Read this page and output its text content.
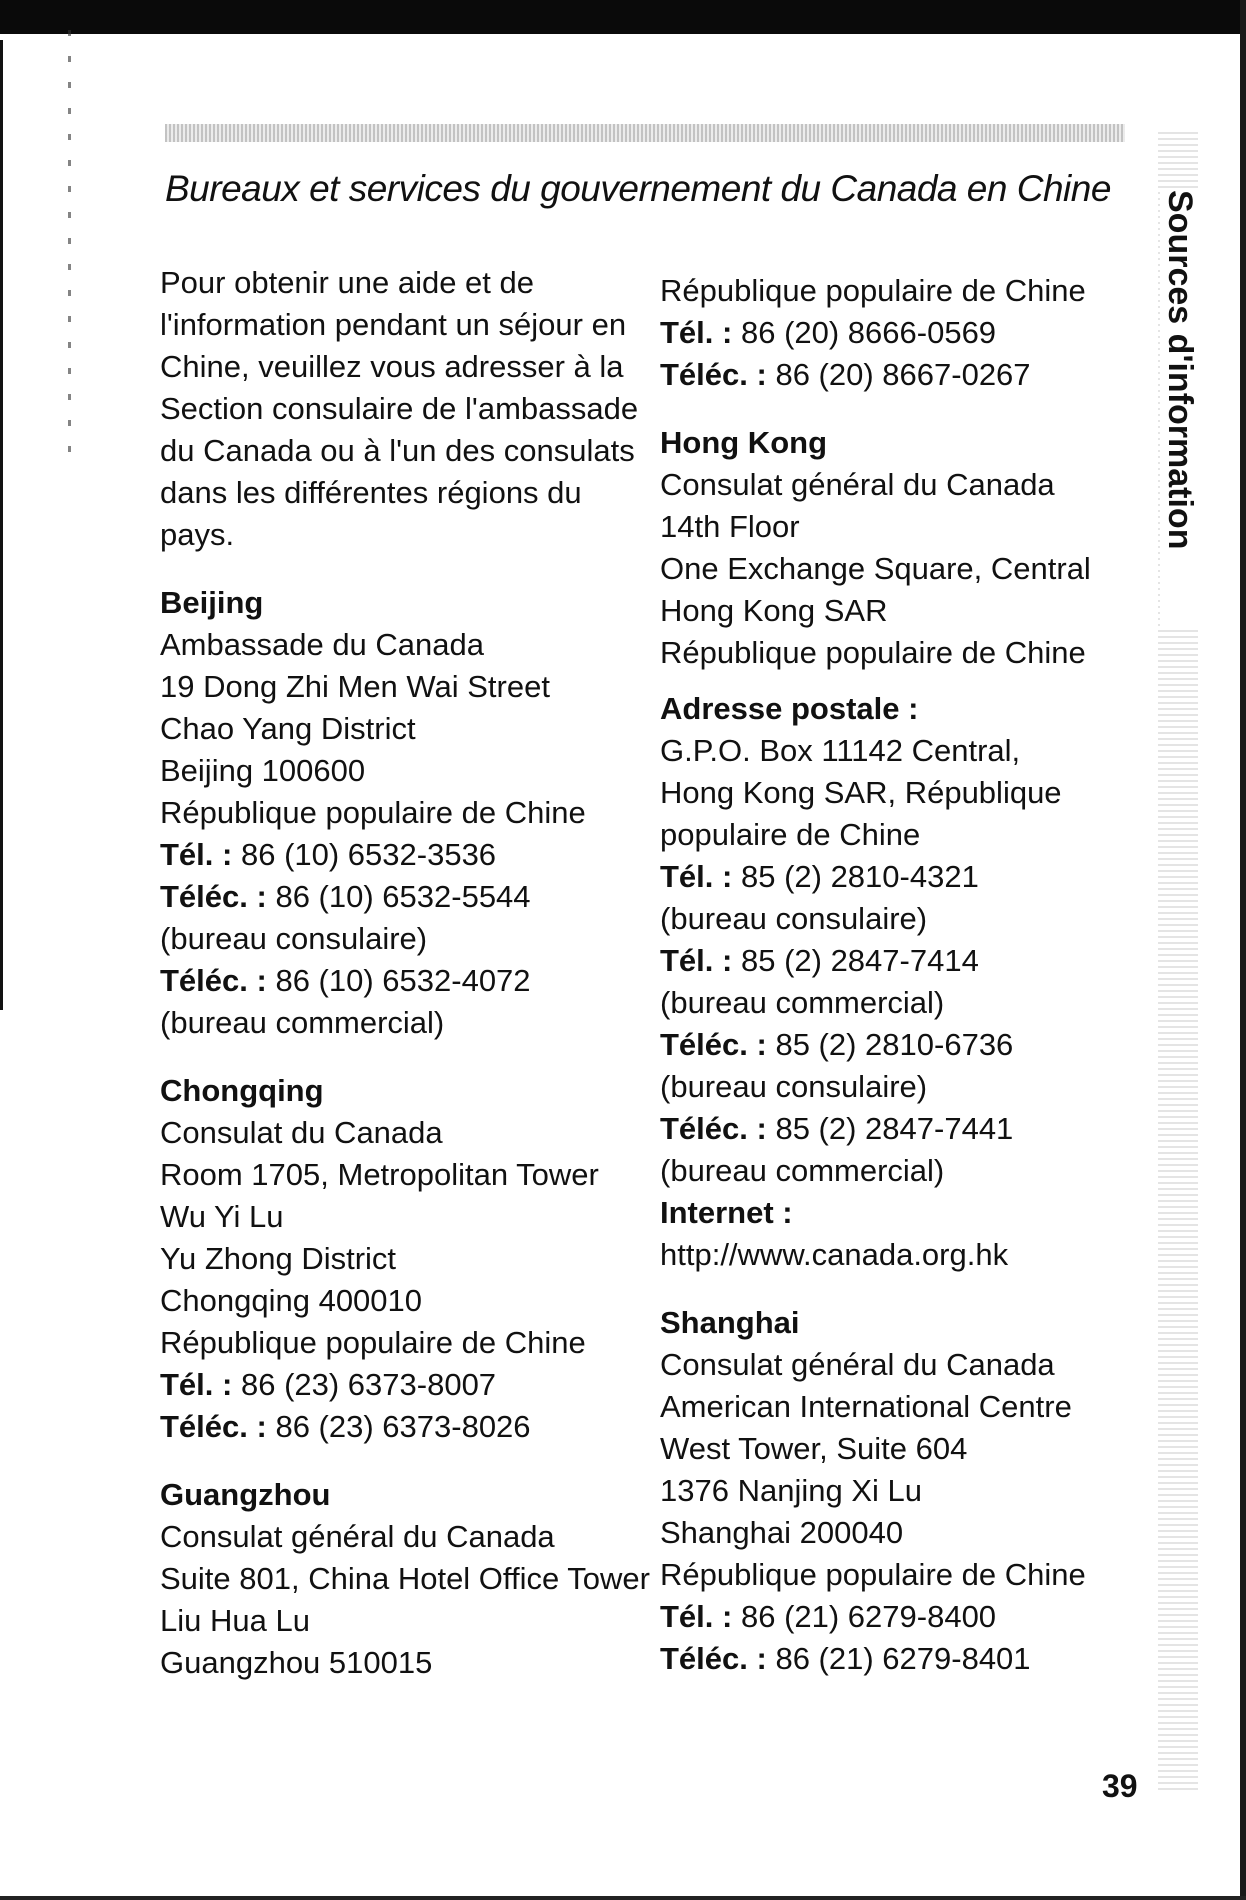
Bureaux et services du gouvernement du Canada en Chine
Sources d'information

Pour obtenir une aide et de l'information pendant un séjour en Chine, veuillez vous adresser à la Section consulaire de l'ambassade du Canada ou à l'un des consulats dans les différentes régions du pays.

Beijing
Ambassade du Canada
19 Dong Zhi Men Wai Street
Chao Yang District
Beijing 100600
République populaire de Chine
Tél. : 86 (10) 6532-3536
Téléc. : 86 (10) 6532-5544
(bureau consulaire)
Téléc. : 86 (10) 6532-4072
(bureau commercial)
Chongqing
Consulat du Canada
Room 1705, Metropolitan Tower
Wu Yi Lu
Yu Zhong District
Chongqing 400010
République populaire de Chine
Tél. : 86 (23) 6373-8007
Téléc. : 86 (23) 6373-8026
Guangzhou
Consulat général du Canada
Suite 801, China Hotel Office Tower
Liu Hua Lu
Guangzhou 510015
République populaire de Chine
Tél. : 86 (20) 8666-0569
Téléc. : 86 (20) 8667-0267
Hong Kong
Consulat général du Canada
14th Floor
One Exchange Square, Central
Hong Kong SAR
République populaire de Chine
Adresse postale :
G.P.O. Box 11142 Central, Hong Kong SAR, République populaire de Chine
Tél. : 85 (2) 2810-4321
(bureau consulaire)
Tél. : 85 (2) 2847-7414
(bureau commercial)
Téléc. : 85 (2) 2810-6736
(bureau consulaire)
Téléc. : 85 (2) 2847-7441
(bureau commercial)
Internet :
http://www.canada.org.hk
Shanghai
Consulat général du Canada
American International Centre
West Tower, Suite 604
1376 Nanjing Xi Lu
Shanghai 200040
République populaire de Chine
Tél. : 86 (21) 6279-8400
Téléc. : 86 (21) 6279-8401
39
